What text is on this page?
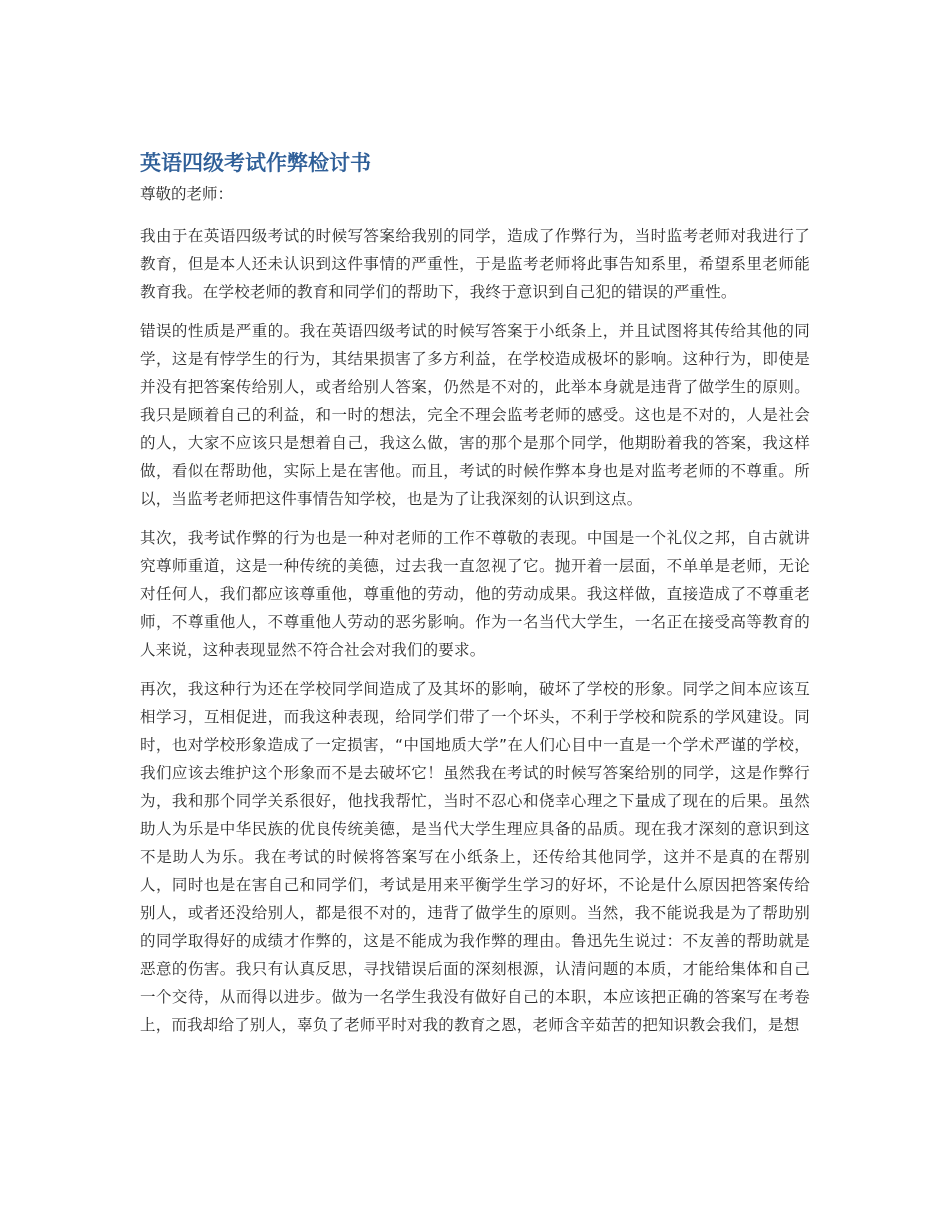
英语四级考试作弊检讨书

尊敬的老师：

我由于在英语四级考试的时候写答案给我别的同学，造成了作弊行为，当时监考老师对我进行了教育，但是本人还未认识到这件事情的严重性，于是监考老师将此事告知系里，希望系里老师能教育我。在学校老师的教育和同学们的帮助下，我终于意识到自己犯的错误的严重性。

错误的性质是严重的。我在英语四级考试的时候写答案于小纸条上，并且试图将其传给其他的同学，这是有悖学生的行为，其结果损害了多方利益，在学校造成极坏的影响。这种行为，即使是并没有把答案传给别人，或者给别人答案，仍然是不对的，此举本身就是违背了做学生的原则。我只是顾着自己的利益，和一时的想法，完全不理会监考老师的感受。这也是不对的，人是社会的人，大家不应该只是想着自己，我这么做，害的那个是那个同学，他期盼着我的答案，我这样做，看似在帮助他，实际上是在害他。而且，考试的时候作弊本身也是对监考老师的不尊重。所以，当监考老师把这件事情告知学校，也是为了让我深刻的认识到这点。

其次，我考试作弊的行为也是一种对老师的工作不尊敬的表现。中国是一个礼仪之邦，自古就讲究尊师重道，这是一种传统的美德，过去我一直忽视了它。抛开着一层面，不单单是老师，无论对任何人，我们都应该尊重他，尊重他的劳动，他的劳动成果。我这样做，直接造成了不尊重老师，不尊重他人，不尊重他人劳动的恶劣影响。作为一名当代大学生，一名正在接受高等教育的人来说，这种表现显然不符合社会对我们的要求。

再次，我这种行为还在学校同学间造成了及其坏的影响，破坏了学校的形象。同学之间本应该互相学习，互相促进，而我这种表现，给同学们带了一个坏头，不利于学校和院系的学风建设。同时，也对学校形象造成了一定损害，“中国地质大学”在人们心目中一直是一个学术严谨的学校，我们应该去维护这个形象而不是去破坏它！虽然我在考试的时候写答案给别的同学，这是作弊行为，我和那个同学关系很好，他找我帮忙，当时不忍心和侥幸心理之下量成了现在的后果。虽然助人为乐是中华民族的优良传统美德，是当代大学生理应具备的品质。现在我才深刻的意识到这不是助人为乐。我在考试的时候将答案写在小纸条上，还传给其他同学，这并不是真的在帮别人，同时也是在害自己和同学们，考试是用来平衡学生学习的好坏，不论是什么原因把答案传给别人，或者还没给别人，都是很不对的，违背了做学生的原则。当然，我不能说我是为了帮助别的同学取得好的成绩才作弊的，这是不能成为我作弊的理由。鲁迅先生说过：不友善的帮助就是恶意的伤害。我只有认真反思，寻找错误后面的深刻根源，认清问题的本质，才能给集体和自己一个交待，从而得以进步。做为一名学生我没有做好自己的本职，本应该把正确的答案写在考卷上，而我却给了别人，辜负了老师平时对我的教育之恩，老师含辛茹苦的把知识教会我们，是想
